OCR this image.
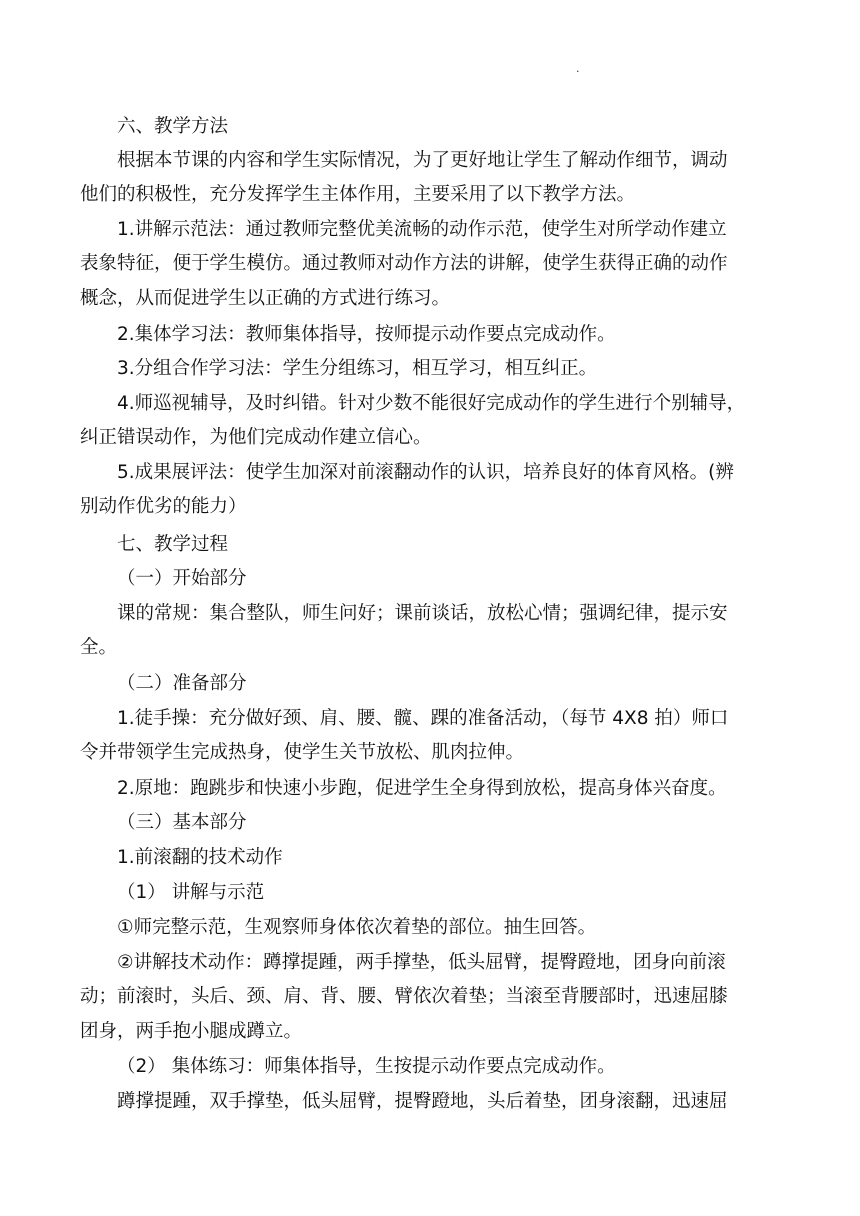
.
六、教学方法
根据本节课的内容和学生实际情况，为了更好地让学生了解动作细节，调动
他们的积极性，充分发挥学生主体作用，主要采用了以下教学方法。
1.讲解示范法：通过教师完整优美流畅的动作示范，使学生对所学动作建立
表象特征，便于学生模仿。通过教师对动作方法的讲解，使学生获得正确的动作
概念，从而促进学生以正确的方式进行练习。
2.集体学习法：教师集体指导，按师提示动作要点完成动作。
3.分组合作学习法：学生分组练习，相互学习，相互纠正。
4.师巡视辅导，及时纠错。针对少数不能很好完成动作的学生进行个别辅导，
纠正错误动作，为他们完成动作建立信心。
5.成果展评法：使学生加深对前滚翻动作的认识，培养良好的体育风格。(辨
别动作优劣的能力）
七、教学过程
（一）开始部分
课的常规：集合整队，师生问好；课前谈话，放松心情；强调纪律，提示安
全。
（二）准备部分
1.徒手操：充分做好颈、肩、腰、髋、踝的准备活动，（每节 4X8 拍）师口
令并带领学生完成热身，使学生关节放松、肌肉拉伸。
2.原地：跑跳步和快速小步跑，促进学生全身得到放松，提高身体兴奋度。
（三）基本部分
1.前滚翻的技术动作
（1） 讲解与示范
①师完整示范，生观察师身体依次着垫的部位。抽生回答。
②讲解技术动作：蹲撑提踵，两手撑垫，低头屈臂，提臀蹬地，团身向前滚
动；前滚时，头后、颈、肩、背、腰、臂依次着垫；当滚至背腰部时，迅速屈膝
团身，两手抱小腿成蹲立。
（2） 集体练习：师集体指导，生按提示动作要点完成动作。
蹲撑提踵，双手撑垫，低头屈臂，提臀蹬地，头后着垫，团身滚翻，迅速屈
